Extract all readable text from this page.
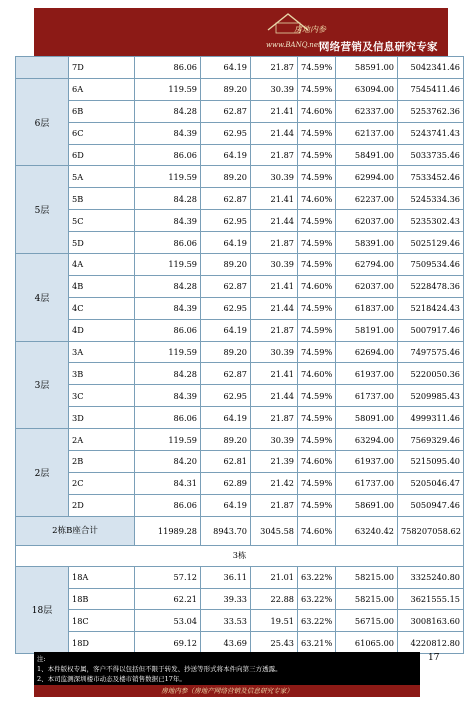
房地内参
www.BANQ.net
网络营销及信息研究专家
	7D	86.06	64.19	21.87	74.59%	58591.00	5042341.46
6层	6A	119.59	89.20	30.39	74.59%	63094.00	7545411.46
	6B	84.28	62.87	21.41	74.60%	62337.00	5253762.36
	6C	84.39	62.95	21.44	74.59%	62137.00	5243741.43
	6D	86.06	64.19	21.87	74.59%	58491.00	5033735.46
5层	5A	119.59	89.20	30.39	74.59%	62994.00	7533452.46
	5B	84.28	62.87	21.41	74.60%	62237.00	5245334.36
	5C	84.39	62.95	21.44	74.59%	62037.00	5235302.43
	5D	86.06	64.19	21.87	74.59%	58391.00	5025129.46
4层	4A	119.59	89.20	30.39	74.59%	62794.00	7509534.46
	4B	84.28	62.87	21.41	74.60%	62037.00	5228478.36
	4C	84.39	62.95	21.44	74.59%	61837.00	5218424.43
	4D	86.06	64.19	21.87	74.59%	58191.00	5007917.46
3层	3A	119.59	89.20	30.39	74.59%	62694.00	7497575.46
	3B	84.28	62.87	21.41	74.60%	61937.00	5220050.36
	3C	84.39	62.95	21.44	74.59%	61737.00	5209985.43
	3D	86.06	64.19	21.87	74.59%	58091.00	4999311.46
2层	2A	119.59	89.20	30.39	74.59%	63294.00	7569329.46
	2B	84.20	62.81	21.39	74.60%	61937.00	5215095.40
	2C	84.31	62.89	21.42	74.59%	61737.00	5205046.47
	2D	86.06	64.19	21.87	74.59%	58691.00	5050947.46
2栋B座合计		11989.28	8943.70	3045.58	74.60%	63240.42	758207058.62
3栋							
18层	18A	57.12	36.11	21.01	63.22%	58215.00	3325240.80
	18B	62.21	39.33	22.88	63.22%	58215.00	3621555.15
	18C	53.04	33.53	19.51	63.22%	56715.00	3008163.60
	18D	69.12	43.69	25.43	63.21%	61065.00	4220812.80
17
注:
1、本件版权专属，客户不得以包括但不限于转发、抄送等形式将本件向第三方透露。
2、本司监测深圳楼市动态及楼市销售数据已17年。
房地内参（房地产网络营销及信息研究专家）
